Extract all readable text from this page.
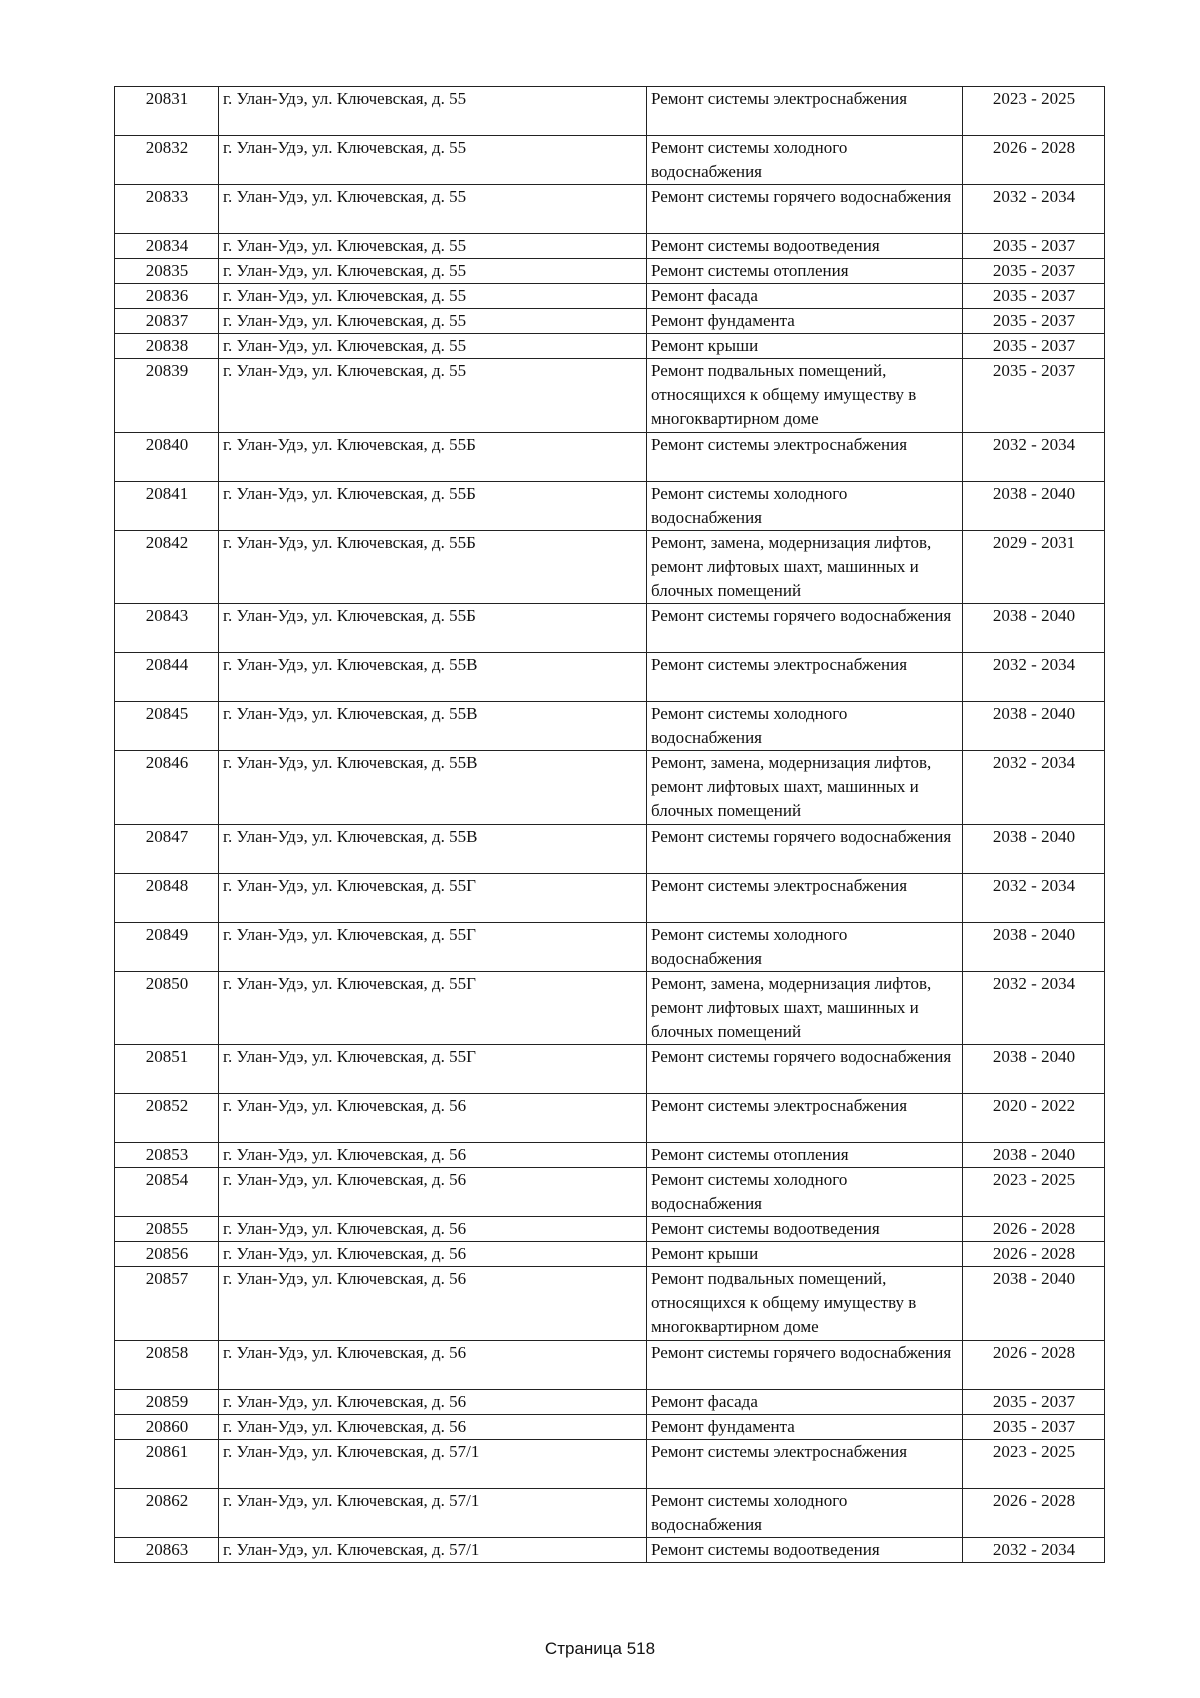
20831	г. Улан-Удэ, ул. Ключевская, д. 55	Ремонт системы электроснабжения	2023 - 2025
20832	г. Улан-Удэ, ул. Ключевская, д. 55	Ремонт системы холодного водоснабжения	2026 - 2028
20833	г. Улан-Удэ, ул. Ключевская, д. 55	Ремонт системы горячего водоснабжения	2032 - 2034
20834	г. Улан-Удэ, ул. Ключевская, д. 55	Ремонт системы водоотведения	2035 - 2037
20835	г. Улан-Удэ, ул. Ключевская, д. 55	Ремонт системы отопления	2035 - 2037
20836	г. Улан-Удэ, ул. Ключевская, д. 55	Ремонт фасада	2035 - 2037
20837	г. Улан-Удэ, ул. Ключевская, д. 55	Ремонт фундамента	2035 - 2037
20838	г. Улан-Удэ, ул. Ключевская, д. 55	Ремонт крыши	2035 - 2037
20839	г. Улан-Удэ, ул. Ключевская, д. 55	Ремонт подвальных помещений, относящихся к общему имуществу в многоквартирном доме	2035 - 2037
20840	г. Улан-Удэ, ул. Ключевская, д. 55Б	Ремонт системы электроснабжения	2032 - 2034
20841	г. Улан-Удэ, ул. Ключевская, д. 55Б	Ремонт системы холодного водоснабжения	2038 - 2040
20842	г. Улан-Удэ, ул. Ключевская, д. 55Б	Ремонт, замена, модернизация лифтов, ремонт лифтовых шахт, машинных и блочных помещений	2029 - 2031
20843	г. Улан-Удэ, ул. Ключевская, д. 55Б	Ремонт системы горячего водоснабжения	2038 - 2040
20844	г. Улан-Удэ, ул. Ключевская, д. 55В	Ремонт системы электроснабжения	2032 - 2034
20845	г. Улан-Удэ, ул. Ключевская, д. 55В	Ремонт системы холодного водоснабжения	2038 - 2040
20846	г. Улан-Удэ, ул. Ключевская, д. 55В	Ремонт, замена, модернизация лифтов, ремонт лифтовых шахт, машинных и блочных помещений	2032 - 2034
20847	г. Улан-Удэ, ул. Ключевская, д. 55В	Ремонт системы горячего водоснабжения	2038 - 2040
20848	г. Улан-Удэ, ул. Ключевская, д. 55Г	Ремонт системы электроснабжения	2032 - 2034
20849	г. Улан-Удэ, ул. Ключевская, д. 55Г	Ремонт системы холодного водоснабжения	2038 - 2040
20850	г. Улан-Удэ, ул. Ключевская, д. 55Г	Ремонт, замена, модернизация лифтов, ремонт лифтовых шахт, машинных и блочных помещений	2032 - 2034
20851	г. Улан-Удэ, ул. Ключевская, д. 55Г	Ремонт системы горячего водоснабжения	2038 - 2040
20852	г. Улан-Удэ, ул. Ключевская, д. 56	Ремонт системы электроснабжения	2020 - 2022
20853	г. Улан-Удэ, ул. Ключевская, д. 56	Ремонт системы отопления	2038 - 2040
20854	г. Улан-Удэ, ул. Ключевская, д. 56	Ремонт системы холодного водоснабжения	2023 - 2025
20855	г. Улан-Удэ, ул. Ключевская, д. 56	Ремонт системы водоотведения	2026 - 2028
20856	г. Улан-Удэ, ул. Ключевская, д. 56	Ремонт крыши	2026 - 2028
20857	г. Улан-Удэ, ул. Ключевская, д. 56	Ремонт подвальных помещений, относящихся к общему имуществу в многоквартирном доме	2038 - 2040
20858	г. Улан-Удэ, ул. Ключевская, д. 56	Ремонт системы горячего водоснабжения	2026 - 2028
20859	г. Улан-Удэ, ул. Ключевская, д. 56	Ремонт фасада	2035 - 2037
20860	г. Улан-Удэ, ул. Ключевская, д. 56	Ремонт фундамента	2035 - 2037
20861	г. Улан-Удэ, ул. Ключевская, д. 57/1	Ремонт системы электроснабжения	2023 - 2025
20862	г. Улан-Удэ, ул. Ключевская, д. 57/1	Ремонт системы холодного водоснабжения	2026 - 2028
20863	г. Улан-Удэ, ул. Ключевская, д. 57/1	Ремонт системы водоотведения	2032 - 2034
Страница 518
